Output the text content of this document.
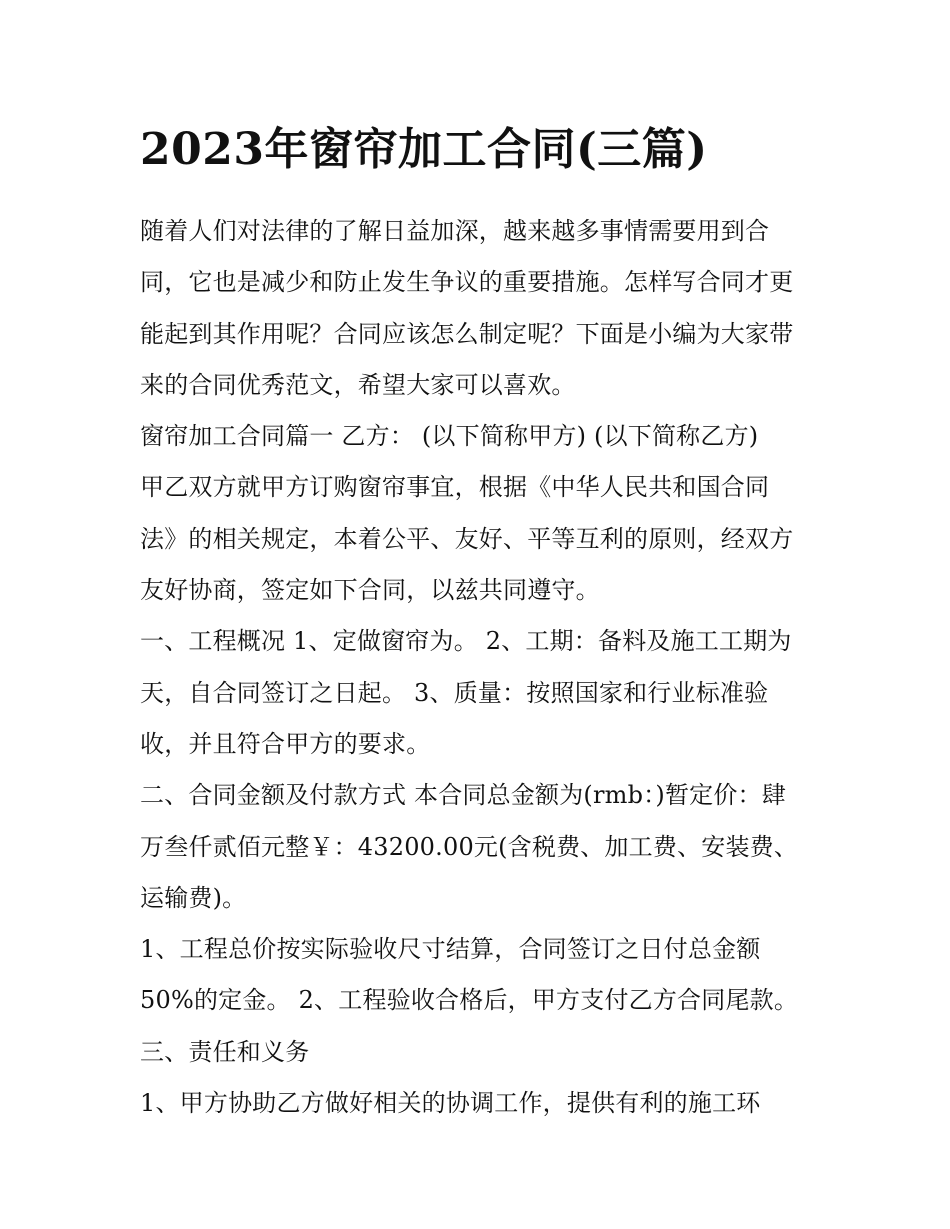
2023年窗帘加工合同(三篇)
随着人们对法律的了解日益加深，越来越多事情需要用到合
同，它也是减少和防止发生争议的重要措施。怎样写合同才更
能起到其作用呢？合同应该怎么制定呢？下面是小编为大家带
来的合同优秀范文，希望大家可以喜欢。
窗帘加工合同篇一 乙方： (以下简称甲方) (以下简称乙方)
甲乙双方就甲方订购窗帘事宜，根据《中华人民共和国合同
法》的相关规定，本着公平、友好、平等互利的原则，经双方
友好协商，签定如下合同，以兹共同遵守。
一、工程概况 1、定做窗帘为。 2、工期：备料及施工工期为
天，自合同签订之日起。 3、质量：按照国家和行业标准验
收，并且符合甲方的要求。
二、合同金额及付款方式 本合同总金额为(rmb：)暂定价：肆
万叁仟贰佰元整￥：43200.00元(含税费、加工费、安装费、
运输费)。
1、工程总价按实际验收尺寸结算，合同签订之日付总金额
50%的定金。 2、工程验收合格后，甲方支付乙方合同尾款。
三、责任和义务
1、甲方协助乙方做好相关的协调工作，提供有利的施工环
